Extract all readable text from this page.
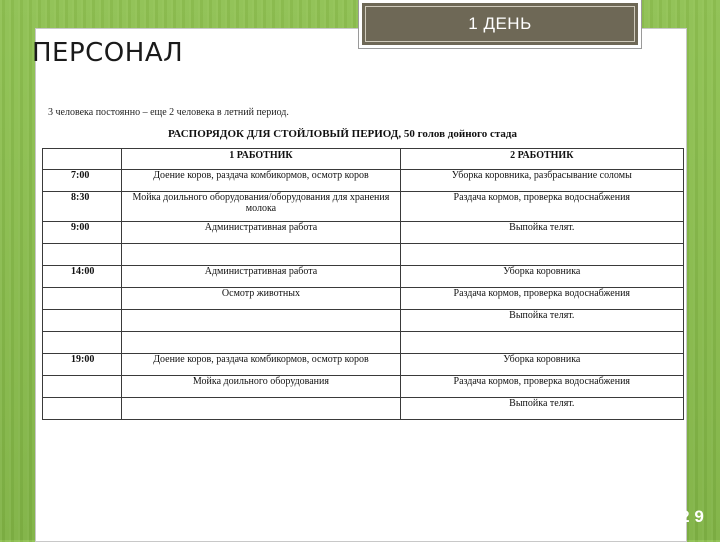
1 ДЕНЬ
ПЕРСОНАЛ
3 человека постоянно – еще 2 человека в летний период.
РАСПОРЯДОК ДЛЯ СТОЙЛОВЫЙ ПЕРИОД, 50 голов дойного стада
	1 РАБОТНИК	2 РАБОТНИК
7:00	Доение коров, раздача комбикормов, осмотр коров	Уборка коровника, разбрасывание соломы
8:30	Мойка доильного оборудования/оборудования для хранения молока	Раздача кормов, проверка водоснабжения
9:00	Административная работа	Выпойка телят.

14:00	Административная работа	Уборка коровника
	Осмотр животных	Раздача кормов, проверка водоснабжения
		Выпойка телят.

19:00	Доение коров, раздача комбикормов, осмотр коров	Уборка коровника
	Мойка доильного оборудования	Раздача кормов, проверка водоснабжения
		Выпойка телят.
2 9
